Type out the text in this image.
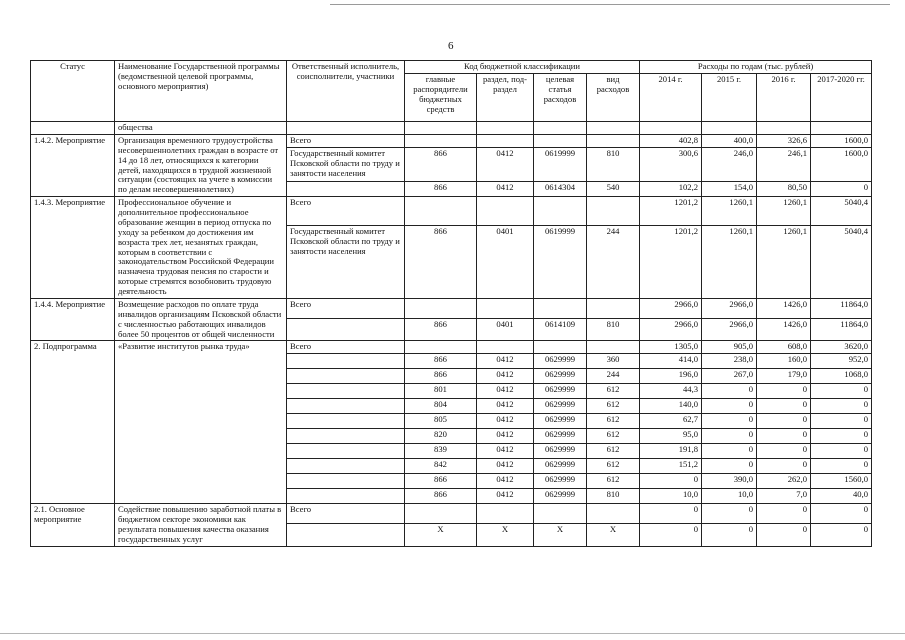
6
Статус	Наименование Государственной программы (ведомственной целевой программы, основного мероприятия)	Ответственный исполнитель, соисполнители, участники	Код бюджетной классификации				Расходы по годам (тыс. рублей)			
			главные распорядители бюджетных средств	раздел, под-раздел	целевая статья расходов	вид расходов	2014 г.	2015 г.	2016 г.	2017-2020 гг.
	общества									
1.4.2. Мероприятие	Организация временного трудоустройства несовершеннолетних граждан в возрасте от 14 до 18 лет, относящихся к категории детей, находящихся в трудной жизненной ситуации (состоящих на учете в комиссии по делам несовершеннолетних)	Всего					402,8	400,0	326,6	1600,0
		Государственный комитет Псковской области по труду и занятости населения	866	0412	0619999	810	300,6	246,0	246,1	1600,0
			866	0412	0614304	540	102,2	154,0	80,50	0
1.4.3. Мероприятие	Профессиональное обучение и дополнительное профессиональное образование женщин в период отпуска по уходу за ребенком до достижения им возраста трех лет, незанятых граждан, которым в соответствии с законодательством Российской Федерации назначена трудовая пенсия по старости и которые стремятся возобновить трудовую деятельность	Всего					1201,2	1260,1	1260,1	5040,4
		Государственный комитет Псковской области по труду и занятости населения	866	0401	0619999	244	1201,2	1260,1	1260,1	5040,4
1.4.4. Мероприятие	Возмещение расходов по оплате труда инвалидов организациям Псковской области с численностью работающих инвалидов более 50 процентов от общей численности	Всего					2966,0	2966,0	1426,0	11864,0
			866	0401	0614109	810	2966,0	2966,0	1426,0	11864,0
2. Подпрограмма	«Развитие институтов рынка труда»	Всего					1305,0	905,0	608,0	3620,0
			866	0412	0629999	360	414,0	238,0	160,0	952,0
			866	0412	0629999	244	196,0	267,0	179,0	1068,0
			801	0412	0629999	612	44,3	0	0	0
			804	0412	0629999	612	140,0	0	0	0
			805	0412	0629999	612	62,7	0	0	0
			820	0412	0629999	612	95,0	0	0	0
			839	0412	0629999	612	191,8	0	0	0
			842	0412	0629999	612	151,2	0	0	0
			866	0412	0629999	612	0	390,0	262,0	1560,0
			866	0412	0629999	810	10,0	10,0	7,0	40,0
2.1. Основное мероприятие	Содействие повышению заработной платы в бюджетном секторе экономики как результата повышения качества оказания государственных услуг	Всего					0	0	0	0
			X	X	X	X	0	0	0	0
